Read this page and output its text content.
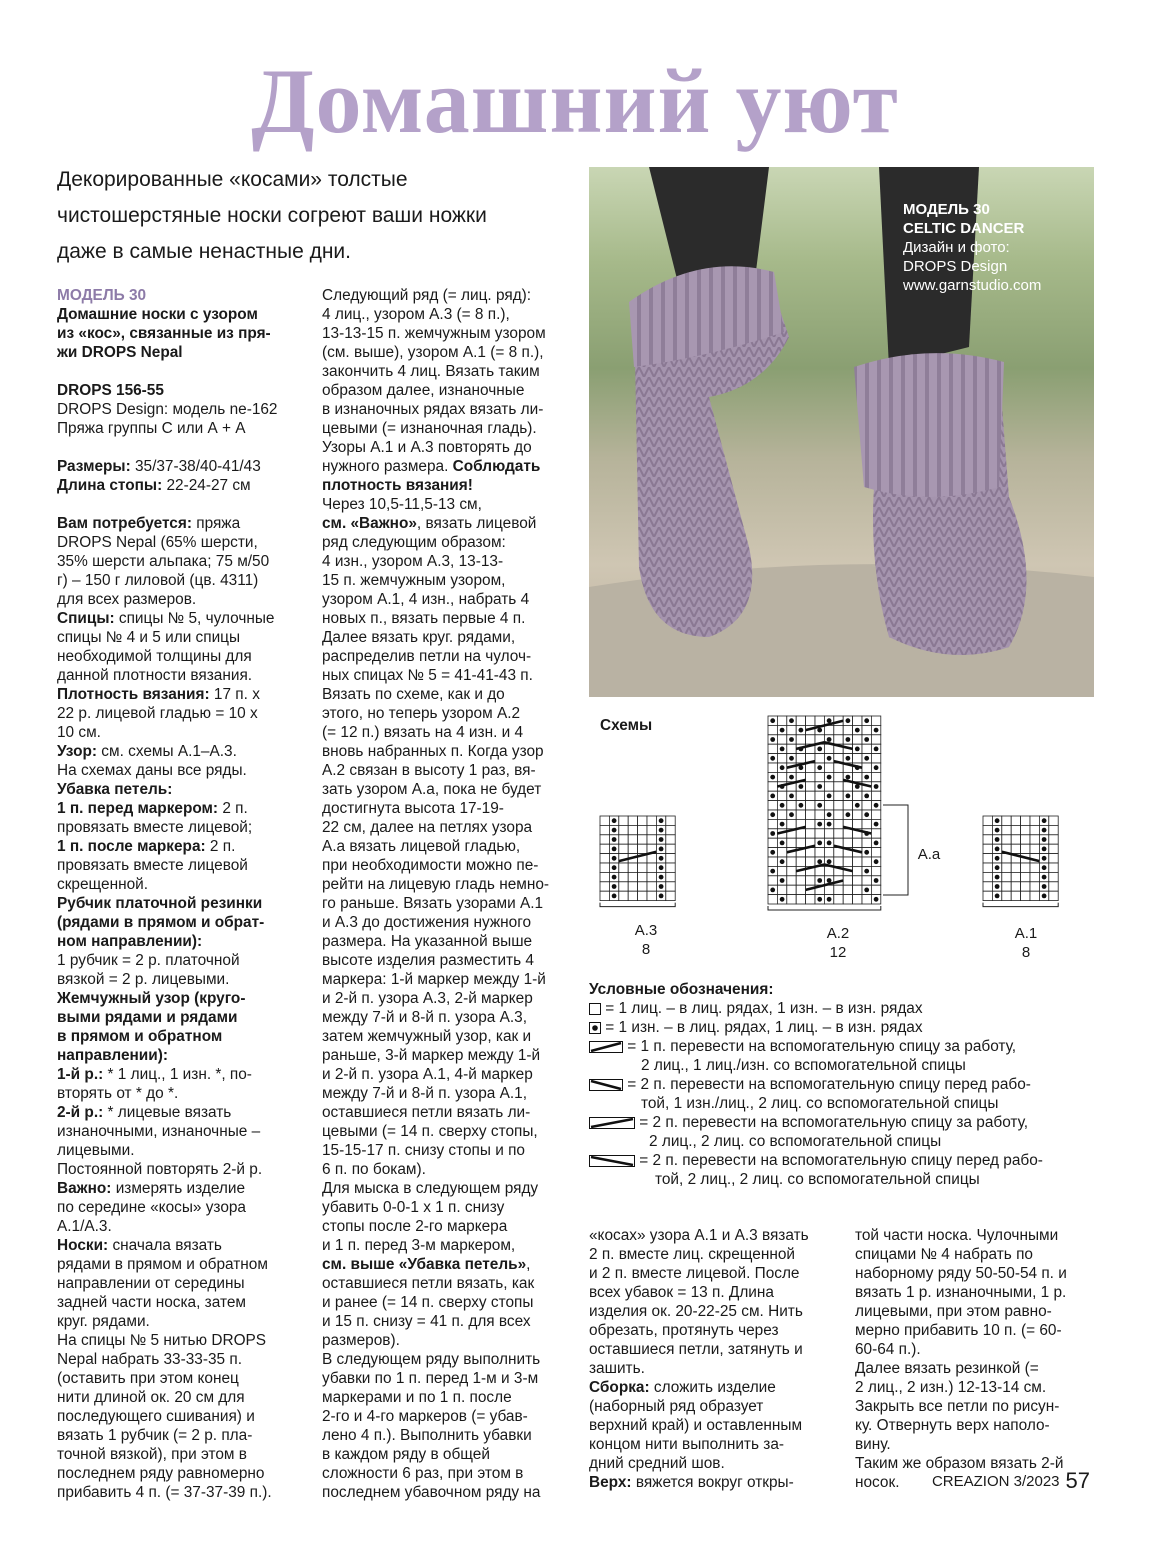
Домашний уют
Декорированные «косами» толстые
чистошерстяные носки согреют ваши ножки
даже в самые ненастные дни.

МОДЕЛЬ 30

Домашние носки с узором

из «кос», связанные из пря-

жи DROPS Nepal

DROPS 156-55

DROPS Design: модель ne-162

Пряжа группы С или А + А

Размеры: 35/37-38/40-41/43

Длина стопы: 22-24-27 см

Вам потребуется: пряжа

DROPS Nepal (65% шерсти,

35% шерсти альпака; 75 м/50

г) – 150 г лиловой (цв. 4311)

для всех размеров.

Спицы: спицы № 5, чулочные

спицы № 4 и 5 или спицы

необходимой толщины для

данной плотности вязания.

Плотность вязания: 17 п. х

22 р. лицевой гладью = 10 х

10 см.

Узор: см. схемы А.1–А.3.

На схемах даны все ряды.

Убавка петель:

1 п. перед маркером: 2 п.

провязать вместе лицевой;

1 п. после маркера: 2 п.

провязать вместе лицевой

скрещенной.

Рубчик платочной резинки

(рядами в прямом и обрат-

ном направлении):

1 рубчик = 2 р. платочной

вязкой = 2 р. лицевыми.

Жемчужный узор (круго-

выми рядами и рядами

в прямом и обратном

направлении):

1-й р.: * 1 лиц., 1 изн. *, по-

вторять от * до *.

2-й р.: * лицевые вязать

изнаночными, изнаночные –

лицевыми.

Постоянной повторять 2-й р.

Важно: измерять изделие

по середине «косы» узора

А.1/А.3.

Носки: сначала вязать

рядами в прямом и обратном

направлении от середины

задней части носка, затем

круг. рядами.

На спицы № 5 нитью DROPS

Nepal набрать 33-33-35 п.

(оставить при этом конец

нити длиной ок. 20 см для

последующего сшивания) и

вязать 1 рубчик (= 2 р. пла-

точной вязкой), при этом в

последнем ряду равномерно

прибавить 4 п. (= 37-37-39 п.).

Следующий ряд (= лиц. ряд):

4 лиц., узором А.3 (= 8 п.),

13-13-15 п. жемчужным узором

(см. выше), узором А.1 (= 8 п.),

закончить 4 лиц. Вязать таким

образом далее, изнаночные

в изнаночных рядах вязать ли-

цевыми (= изнаночная гладь).

Узоры А.1 и А.3 повторять до

нужного размера. Соблюдать

плотность вязания!

Через 10,5-11,5-13 см,

см. «Важно», вязать лицевой

ряд следующим образом:

4 изн., узором А.3, 13-13-

15 п. жемчужным узором,

узором А.1, 4 изн., набрать 4

новых п., вязать первые 4 п.

Далее вязать круг. рядами,

распределив петли на чулоч-

ных спицах № 5 = 41-41-43 п.

Вязать по схеме, как и до

этого, но теперь узором А.2

(= 12 п.) вязать на 4 изн. и 4

вновь набранных п. Когда узор

А.2 связан в высоту 1 раз, вя-

зать узором А.а, пока не будет

достигнута высота 17-19-

22 см, далее на петлях узора

А.а вязать лицевой гладью,

при необходимости можно пе-

рейти на лицевую гладь немно-

го раньше. Вязать узорами А.1

и А.3 до достижения нужного

размера. На указанной выше

высоте изделия разместить 4

маркера: 1-й маркер между 1-й

и 2-й п. узора А.3, 2-й маркер

между 7-й и 8-й п. узора А.3,

затем жемчужный узор, как и

раньше, 3-й маркер между 1-й

и 2-й п. узора А.1, 4-й маркер

между 7-й и 8-й п. узора А.1,

оставшиеся петли вязать ли-

цевыми (= 14 п. сверху стопы,

15-15-17 п. снизу стопы и по

6 п. по бокам).

Для мыска в следующем ряду

убавить 0-0-1 х 1 п. снизу

стопы после 2-го маркера

и 1 п. перед 3-м маркером,

см. выше «Убавка петель»,

оставшиеся петли вязать, как

и ранее (= 14 п. сверху стопы

и 15 п. снизу = 41 п. для всех

размеров).

В следующем ряду выполнить

убавки по 1 п. перед 1-м и 3-м

маркерами и по 1 п. после

2-го и 4-го маркеров (= убав-

лено 4 п.). Выполнить убавки

в каждом ряду в общей

сложности 6 раз, при этом в

последнем убавочном ряду на

«косах» узора А.1 и А.3 вязать

2 п. вместе лиц. скрещенной

и 2 п. вместе лицевой. После

всех убавок = 13 п. Длина

изделия ок. 20-22-25 см. Нить

обрезать, протянуть через

оставшиеся петли, затянуть и

зашить.

Сборка: сложить изделие

(наборный ряд образует

верхний край) и оставленным

концом нити выполнить за-

дний средний шов.

Верх: вяжется вокруг откры-

той части носка. Чулочными

спицами № 4 набрать по

наборному ряду 50-50-54 п. и

вязать 1 р. изнаночными, 1 р.

лицевыми, при этом равно-

мерно прибавить 10 п. (= 60-

60-64 п.).

Далее вязать резинкой (=

2 лиц., 2 изн.) 12-13-14 см.

Закрыть все петли по рисун-

ку. Отвернуть верх наполо-

вину.

Таким же образом вязать 2-й

носок.

МОДЕЛЬ 30

CELTIC DANCER

Дизайн и фото:

DROPS Design

www.garnstudio.com

Схемы
А.3
8
А.2
12
А.а
А.1
8

Условные обозначения:

= 1 лиц. – в лиц. рядах, 1 изн. – в изн. рядах

= 1 изн. – в лиц. рядах, 1 лиц. – в изн. рядах

= 1 п. перевести на вспомогательную спицу за работу,

2 лиц., 1 лиц./изн. со вспомогательной спицы

= 2 п. перевести на вспомогательную спицу перед рабо-

той, 1 изн./лиц., 2 лиц. со вспомогательной спицы

= 2 п. перевести на вспомогательную спицу за работу,

2 лиц., 2 лиц. со вспомогательной спицы

= 2 п. перевести на вспомогательную спицу перед рабо-

той, 2 лиц., 2 лиц. со вспомогательной спицы

CREAZION 3/2023 57
